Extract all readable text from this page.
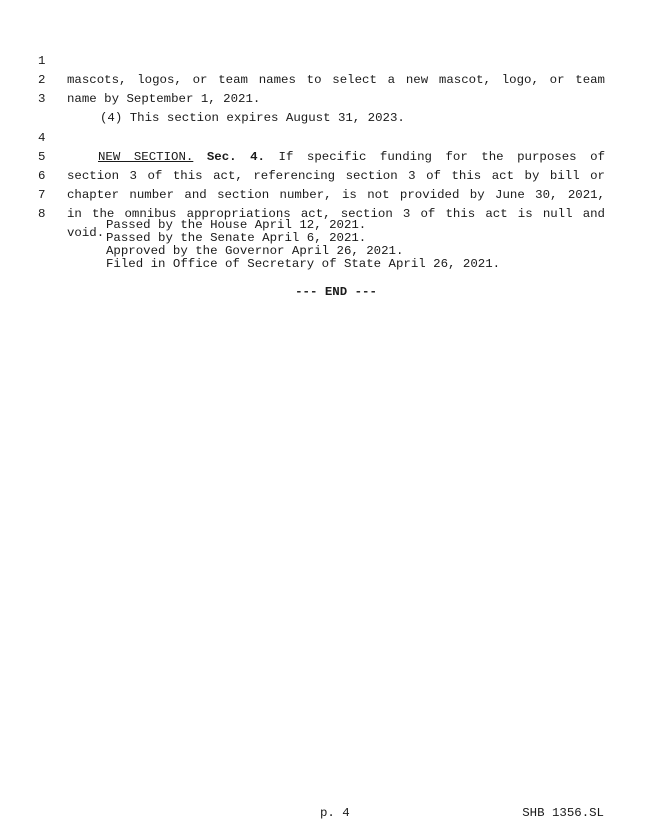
1

mascots, logos, or team names to select a new mascot, logo, or team

2

name by September 1, 2021.

3

(4) This section expires August 31, 2023.

4

NEW SECTION. Sec. 4. If specific funding for the purposes of

5

section 3 of this act, referencing section 3 of this act by bill or

6

chapter number and section number, is not provided by June 30, 2021,

7

in the omnibus appropriations act, section 3 of this act is null and

8

void.

Passed by the House April 12, 2021.
Passed by the Senate April 6, 2021.
Approved by the Governor April 26, 2021.
Filed in Office of Secretary of State April 26, 2021.
--- END ---
p. 4	SHB 1356.SL
